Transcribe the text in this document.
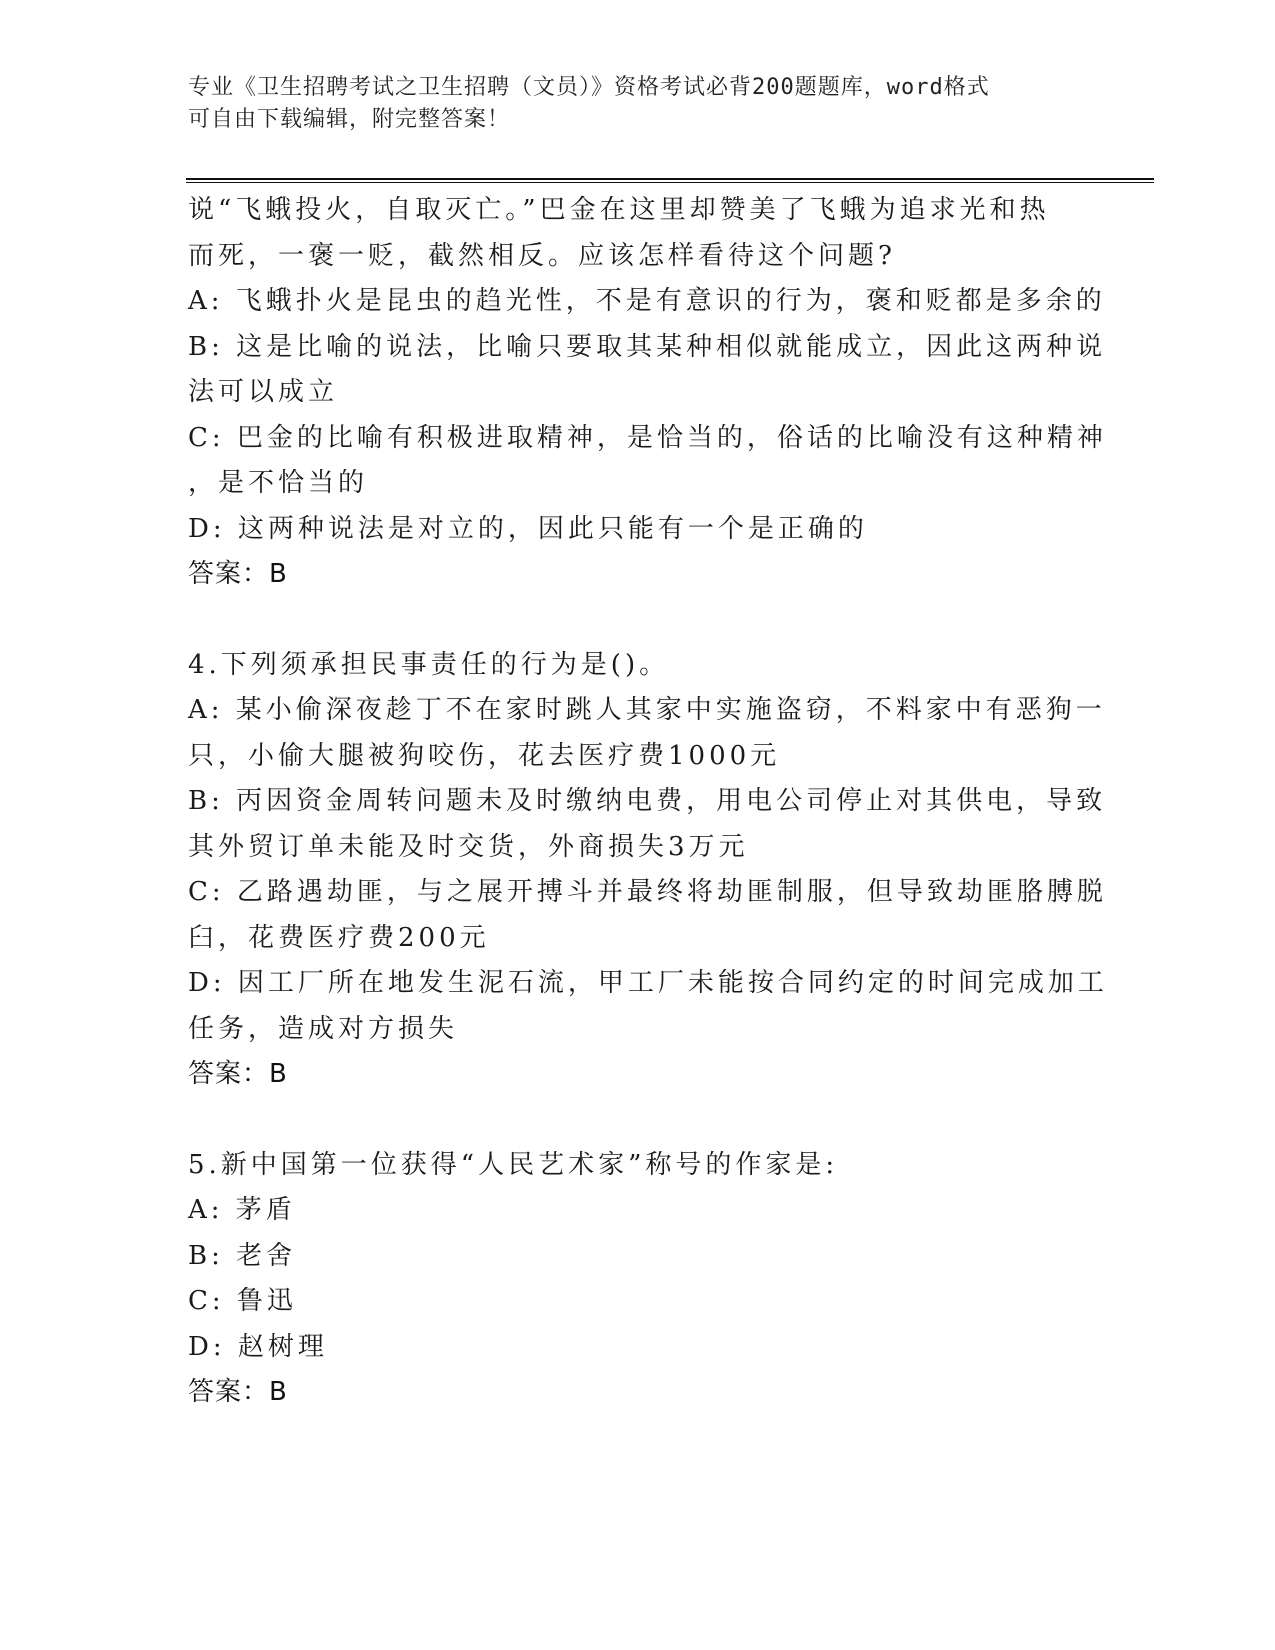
专业《卫生招聘考试之卫生招聘（文员）》资格考试必背200题题库，word格式
可自由下载编辑，附完整答案！
说“飞蛾投火，自取灭亡。”巴金在这里却赞美了飞蛾为追求光和热
而死，一褒一贬，截然相反。应该怎样看待这个问题?
A: 飞蛾扑火是昆虫的趋光性，不是有意识的行为，褒和贬都是多余的
B: 这是比喻的说法，比喻只要取其某种相似就能成立，因此这两种说
法可以成立
C: 巴金的比喻有积极进取精神，是恰当的，俗话的比喻没有这种精神
，是不恰当的
D: 这两种说法是对立的，因此只能有一个是正确的
答案：B
4.下列须承担民事责任的行为是()。
A: 某小偷深夜趁丁不在家时跳人其家中实施盗窃，不料家中有恶狗一
只，小偷大腿被狗咬伤，花去医疗费1000元
B: 丙因资金周转问题未及时缴纳电费，用电公司停止对其供电，导致
其外贸订单未能及时交货，外商损失3万元
C: 乙路遇劫匪，与之展开搏斗并最终将劫匪制服，但导致劫匪胳膊脱
臼，花费医疗费200元
D: 因工厂所在地发生泥石流，甲工厂未能按合同约定的时间完成加工
任务，造成对方损失
答案：B
5.新中国第一位获得“人民艺术家”称号的作家是:
A: 茅盾
B: 老舍
C: 鲁迅
D: 赵树理
答案：B
